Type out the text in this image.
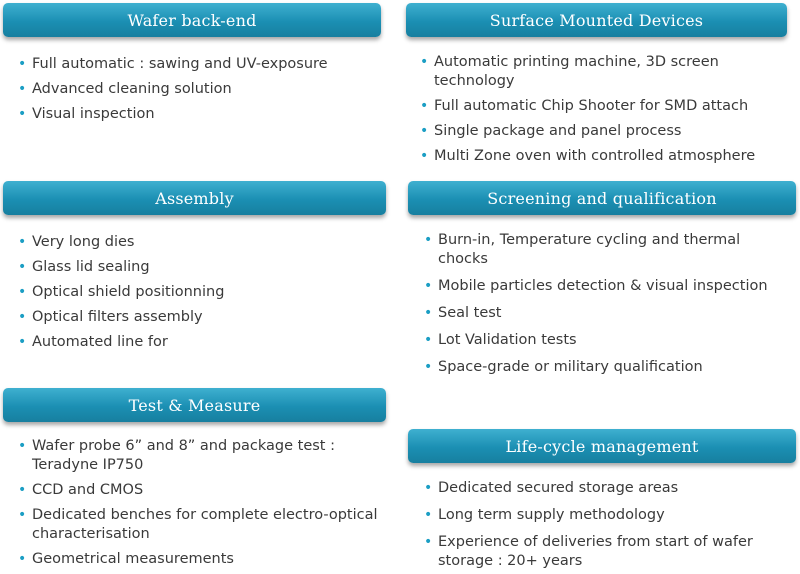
Wafer back-end
• Full automatic : sawing and UV-exposure
• Advanced cleaning solution
• Visual inspection
Surface Mounted Devices
• Automatic printing machine, 3D screen technology
• Full automatic Chip Shooter for SMD attach
• Single package and panel process
• Multi Zone oven with controlled atmosphere
Assembly
• Very long dies
• Glass lid sealing
• Optical shield positionning
• Optical filters assembly
• Automated line for
Screening and qualification
• Burn-in, Temperature cycling and thermal chocks
• Mobile particles detection & visual inspection
• Seal test
• Lot Validation tests
• Space-grade or military qualification
Test & Measure
• Wafer probe 6” and 8” and package test : Teradyne IP750
• CCD and CMOS
• Dedicated benches for complete electro-optical characterisation
• Geometrical measurements
Life-cycle management
• Dedicated secured storage areas
• Long term supply methodology
• Experience of deliveries from start of wafer storage : 20+ years
